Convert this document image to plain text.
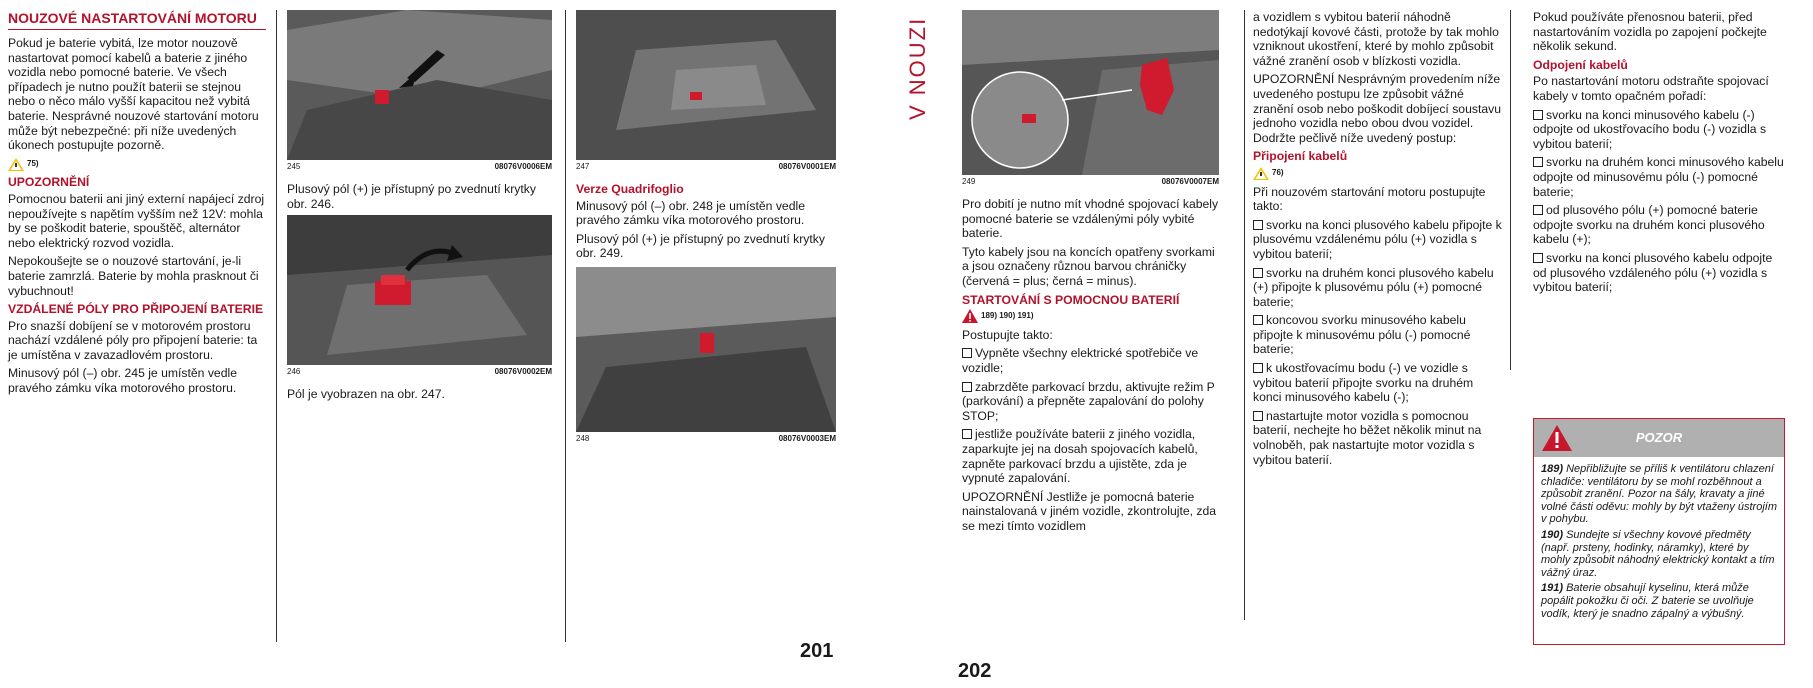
V NOUZI
NOUZOVÉ NASTARTOVÁNÍ MOTORU

Pokud je baterie vybitá, lze motor nouzově nastartovat pomocí kabelů a baterie z jiného vozidla nebo pomocné baterie. Ve všech případech je nutno použít baterii se stejnou nebo o něco málo vyšší kapacitou než vybitá baterie. Nesprávné nouzové startování motoru může být nebezpečné: při níže uvedených úkonech postupujte pozorně.

75)
UPOZORNĚNÍ

Pomocnou baterii ani jiný externí napájecí zdroj nepoužívejte s napětím vyšším než 12V: mohla by se poškodit baterie, spouštěč, alternátor nebo elektrický rozvod vozidla.

Nepokoušejte se o nouzové startování, je-li baterie zamrzlá. Baterie by mohla prasknout či vybuchnout!

VZDÁLENÉ PÓLY PRO PŘIPOJENÍ BATERIE

Pro snazší dobíjení se v motorovém prostoru nachází vzdálené póly pro připojení baterie: ta je umístěna v zavazadlovém prostoru.

Minusový pól (–) obr. 245 je umístěn vedle pravého zámku víka motorového prostoru.

245	08076V0006EM

Plusový pól (+) je přístupný po zvednutí krytky obr. 246.

246	08076V0002EM

Pól je vyobrazen na obr. 247.

247	08076V0001EM
Verze Quadrifoglio

Minusový pól (–) obr. 248 je umístěn vedle pravého zámku víka motorového prostoru.

Plusový pól (+) je přístupný po zvednutí krytky obr. 249.

248	08076V0003EM
201
202
249	08076V0007EM

Pro dobití je nutno mít vhodné spojovací kabely pomocné baterie se vzdálenými póly vybité baterie.

Tyto kabely jsou na koncích opatřeny svorkami a jsou označeny různou barvou chráničky (červená = plus; černá = minus).

STARTOVÁNÍ S POMOCNOU BATERIÍ
189) 190) 191)

Postupujte takto:

Vypněte všechny elektrické spotřebiče ve vozidle;

zabrzděte parkovací brzdu, aktivujte režim P (parkování) a přepněte zapalování do polohy STOP;

jestliže používáte baterii z jiného vozidla, zaparkujte jej na dosah spojovacích kabelů, zapněte parkovací brzdu a ujistěte, zda je vypnuté zapalování.

UPOZORNĚNÍ Jestliže je pomocná baterie nainstalovaná v jiném vozidle, zkontrolujte, zda se mezi tímto vozidlem

a vozidlem s vybitou baterií náhodně nedotýkají kovové části, protože by tak mohlo vzniknout ukostření, které by mohlo způsobit vážné zranění osob v blízkosti vozidla.

UPOZORNĚNÍ Nesprávným provedením níže uvedeného postupu lze způsobit vážné zranění osob nebo poškodit dobíjecí soustavu jednoho vozidla nebo obou dvou vozidel. Dodržte pečlivě níže uvedený postup:

Připojení kabelů
76)

Při nouzovém startování motoru postupujte takto:

svorku na konci plusového kabelu připojte k plusovému vzdálenému pólu (+) vozidla s vybitou baterií;

svorku na druhém konci plusového kabelu (+) připojte k plusovému pólu (+) pomocné baterie;

koncovou svorku minusového kabelu připojte k minusovému pólu (-) pomocné baterie;

k ukostřovacímu bodu (-) ve vozidle s vybitou baterií připojte svorku na druhém konci minusového kabelu (-);

nastartujte motor vozidla s pomocnou baterií, nechejte ho běžet několik minut na volnoběh, pak nastartujte motor vozidla s vybitou baterií.

Pokud používáte přenosnou baterii, před nastartováním vozidla po zapojení počkejte několik sekund.

Odpojení kabelů

Po nastartování motoru odstraňte spojovací kabely v tomto opačném pořadí:

svorku na konci minusového kabelu (-) odpojte od ukostřovacího bodu (-) vozidla s vybitou baterií;

svorku na druhém konci minusového kabelu odpojte od minusovému pólu (-) pomocné baterie;

od plusového pólu (+) pomocné baterie odpojte svorku na druhém konci plusového kabelu (+);

svorku na konci plusového kabelu odpojte od plusového vzdáleného pólu (+) vozidla s vybitou baterií;

POZOR

189) Nepřibližujte se příliš k ventilátoru chlazení chladiče: ventilátoru by se mohl rozběhnout a způsobit zranění. Pozor na šály, kravaty a jiné volné části oděvu: mohly by být vtaženy ústrojím v pohybu.

190) Sundejte si všechny kovové předměty (např. prsteny, hodinky, náramky), které by mohly způsobit náhodný elektrický kontakt a tím vážný úraz.

191) Baterie obsahují kyselinu, která může popálit pokožku či oči. Z baterie se uvolňuje vodík, který je snadno zápalný a výbušný.
